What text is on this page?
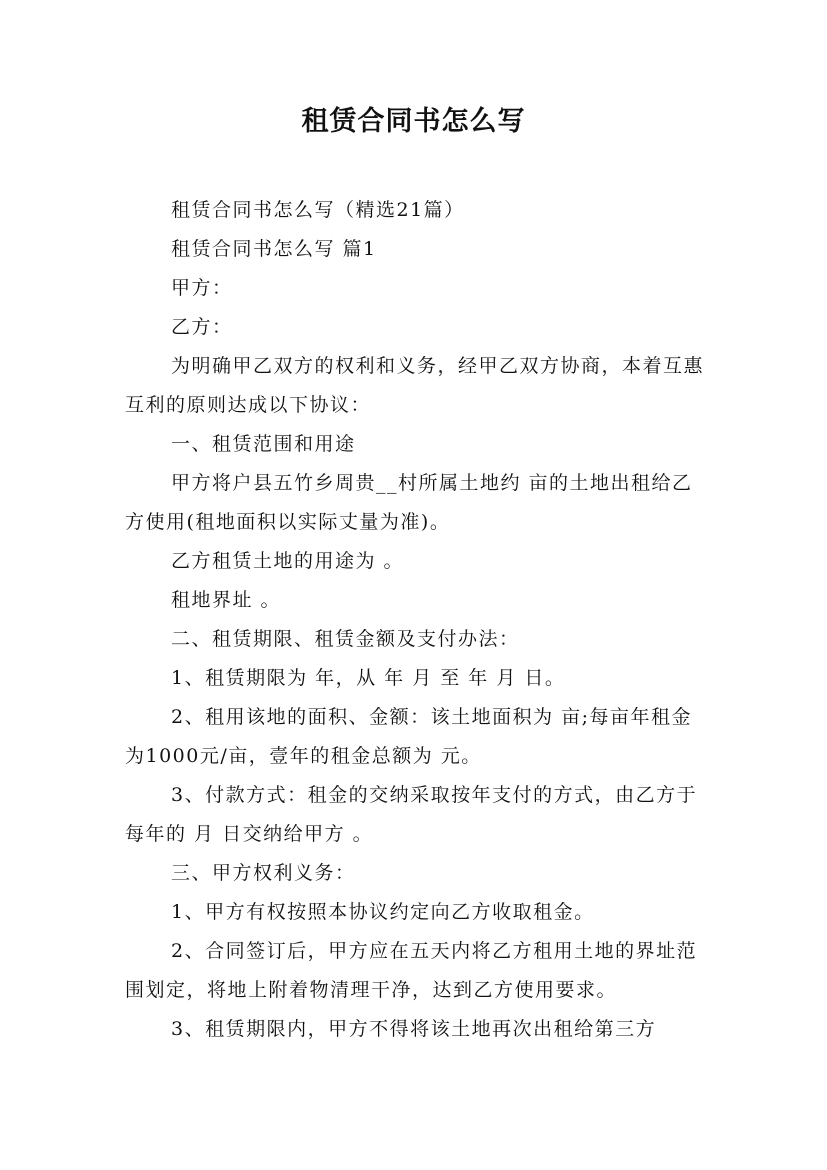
租赁合同书怎么写

租赁合同书怎么写（精选21篇）

租赁合同书怎么写 篇1

甲方：

乙方：

为明确甲乙双方的权利和义务，经甲乙双方协商，本着互惠互利的原则达成以下协议：

一、租赁范围和用途

甲方将户县五竹乡周贵__村所属土地约 亩的土地出租给乙方使用(租地面积以实际丈量为准)。

乙方租赁土地的用途为 。

租地界址 。

二、租赁期限、租赁金额及支付办法：

1、租赁期限为 年，从 年 月 至 年 月 日。

2、租用该地的面积、金额：该土地面积为 亩;每亩年租金为1000元/亩，壹年的租金总额为 元。

3、付款方式：租金的交纳采取按年支付的方式，由乙方于每年的 月 日交纳给甲方 。

三、甲方权利义务：

1、甲方有权按照本协议约定向乙方收取租金。

2、合同签订后，甲方应在五天内将乙方租用土地的界址范围划定，将地上附着物清理干净，达到乙方使用要求。

3、租赁期限内，甲方不得将该土地再次出租给第三方
